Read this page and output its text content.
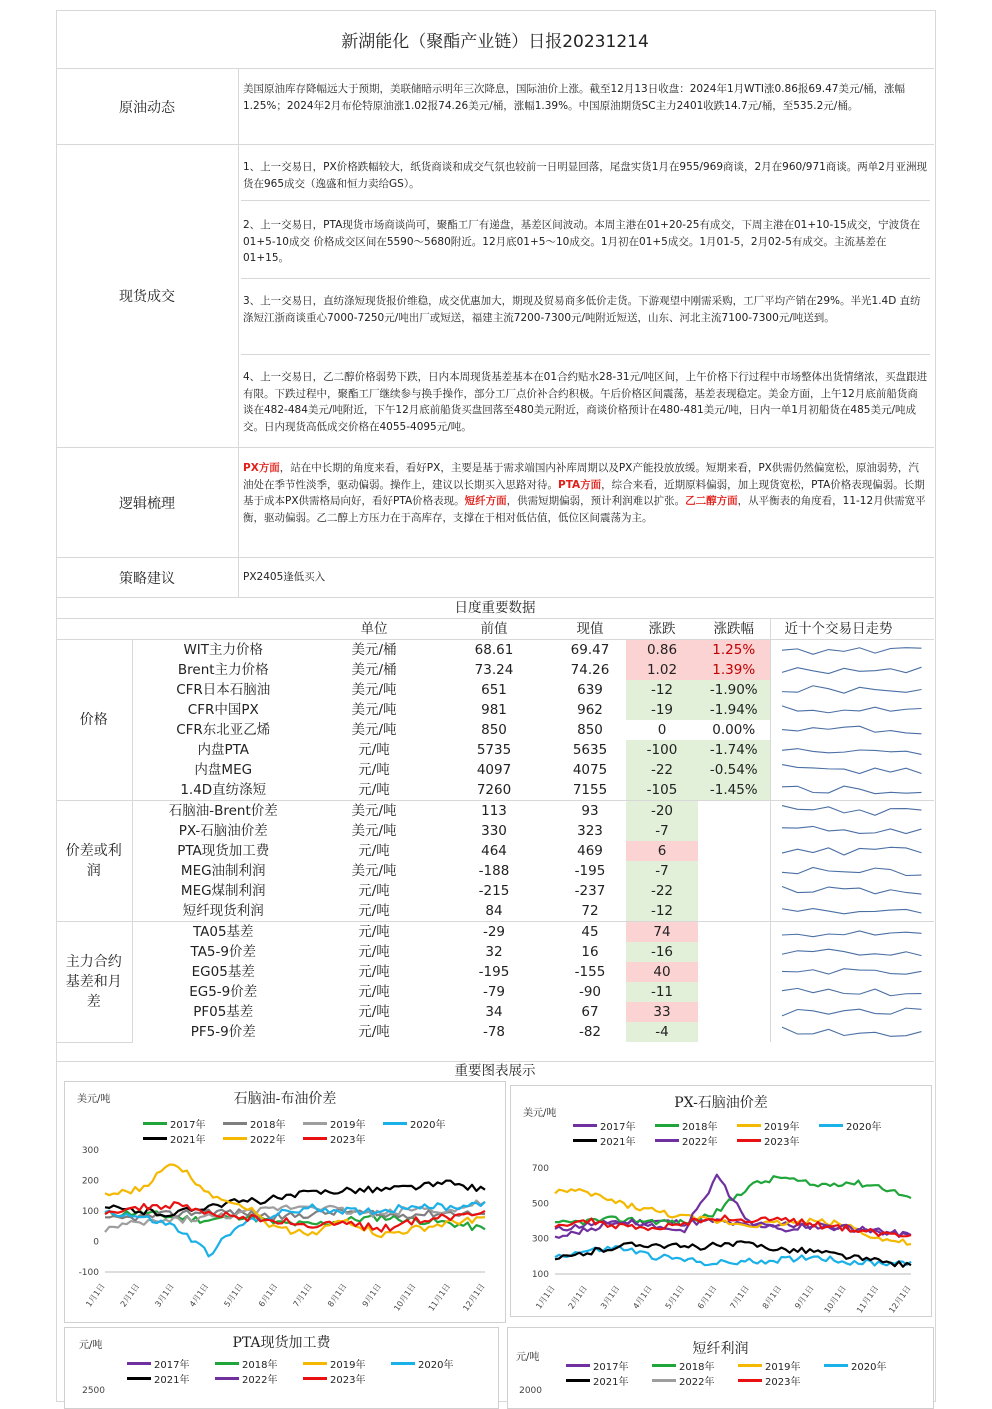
新湖能化（聚酯产业链）日报20231214
原油动态
美国原油库存降幅远大于预期，美联储暗示明年三次降息，国际油价上涨。截至12月13日收盘：2024年1月WTI涨0.86报69.47美元/桶，涨幅1.25%；2024年2月布伦特原油涨1.02报74.26美元/桶，涨幅1.39%。中国原油期货SC主力2401收跌14.7元/桶，至535.2元/桶。
现货成交
1、上一交易日，PX价格跌幅较大，纸货商谈和成交气氛也较前一日明显回落，尾盘实货1月在955/969商谈，2月在960/971商谈。两单2月亚洲现货在965成交（逸盛和恒力卖给GS）。
2、上一交易日，PTA现货市场商谈尚可，聚酯工厂有递盘，基差区间波动。本周主港在01+20-25有成交，下周主港在01+10-15成交，宁波货在01+5-10成交 价格成交区间在5590～5680附近。12月底01+5～10成交。1月初在01+5成交。1月01-5，2月02-5有成交。主流基差在01+15。
3、上一交易日，直纺涤短现货报价维稳，成交优惠加大，期现及贸易商多低价走货。下游观望中刚需采购，工厂平均产销在29%。半光1.4D 直纺涤短江浙商谈重心7000-7250元/吨出厂或短送，福建主流7200-7300元/吨附近短送，山东、河北主流7100-7300元/吨送到。
4、上一交易日，乙二醇价格弱势下跌，日内本周现货基差基本在01合约贴水28-31元/吨区间，上午价格下行过程中市场整体出货情绪浓，买盘跟进有限。下跌过程中，聚酯工厂继续参与换手操作，部分工厂点价补合约积极。午后价格区间震荡，基差表现稳定。美金方面，上午12月底前船货商谈在482-484美元/吨附近，下午12月底前船货买盘回落至480美元附近，商谈价格预计在480-481美元/吨，日内一单1月初船货在485美元/吨成交。日内现货高低成交价格在4055-4095元/吨。
逻辑梳理
PX方面，站在中长期的角度来看，看好PX，主要是基于需求端国内补库周期以及PX产能投放放缓。短期来看，PX供需仍然偏宽松，原油弱势，汽油处在季节性淡季，驱动偏弱。操作上，建议以长期买入思路对待。PTA方面，综合来看，近期原料偏弱，加上现货宽松，PTA价格表现偏弱。长期基于成本PX供需格局向好，看好PTA价格表现。短纤方面，供需短期偏弱，预计利润难以扩张。乙二醇方面，从平衡表的角度看，11-12月供需宽平衡，驱动偏弱。乙二醇上方压力在于高库存，支撑在于相对低估值，低位区间震荡为主。
策略建议	PX2405逢低买入
日度重要数据
		单位	前值	现值	涨跌	涨跌幅	近十个交易日走势
价格	WIT主力价格	美元/桶	68.61	69.47	0.86	1.25%	

	Brent主力价格	美元/桶	73.24	74.26	1.02	1.39%	

	CFR日本石脑油	美元/吨	651	639	-12	-1.90%	

	CFR中国PX	美元/吨	981	962	-19	-1.94%	

	CFR东北亚乙烯	美元/吨	850	850	0	0.00%	

	内盘PTA	元/吨	5735	5635	-100	-1.74%	

	内盘MEG	元/吨	4097	4075	-22	-0.54%	

	1.4D直纺涤短	元/吨	7260	7155	-105	-1.45%	

价差或利润	石脑油-Brent价差	美元/吨	113	93	-20		

	PX-石脑油价差	美元/吨	330	323	-7		

	PTA现货加工费	元/吨	464	469	6		

	MEG油制利润	美元/吨	-188	-195	-7		

	MEG煤制利润	元/吨	-215	-237	-22		

	短纤现货利润	元/吨	84	72	-12		

主力合约基差和月差	TA05基差	元/吨	-29	45	74		

	TA5-9价差	元/吨	32	16	-16		

	EG05基差	元/吨	-195	-155	40		

	EG5-9价差	元/吨	-79	-90	-11		

	PF05基差	元/吨	34	67	33		

	PF5-9价差	元/吨	-78	-82	-4		
重要图表展示
石脑油-布油价差
美元/吨
2017年	2018年	2019年	2020年
2021年	2022年	2023年
300
200
100
0
-100
1月1日 2月1日 3月1日 4月1日 5月1日 6月1日 7月1日 8月1日 9月1日 10月1日 11月1日 12月1日
PX-石脑油价差
美元/吨
2017年	2018年	2019年	2020年
2021年	2022年	2023年
700
500
300
100
1月1日 2月1日 3月1日 4月1日 5月1日 6月1日 7月1日 8月1日 9月1日 10月1日 11月1日 12月1日
PTA现货加工费
元/吨
2017年	2018年	2019年	2020年
2021年	2022年	2023年
2500
短纤利润
元/吨
2017年	2018年	2019年	2020年
2021年	2022年	2023年
2000
